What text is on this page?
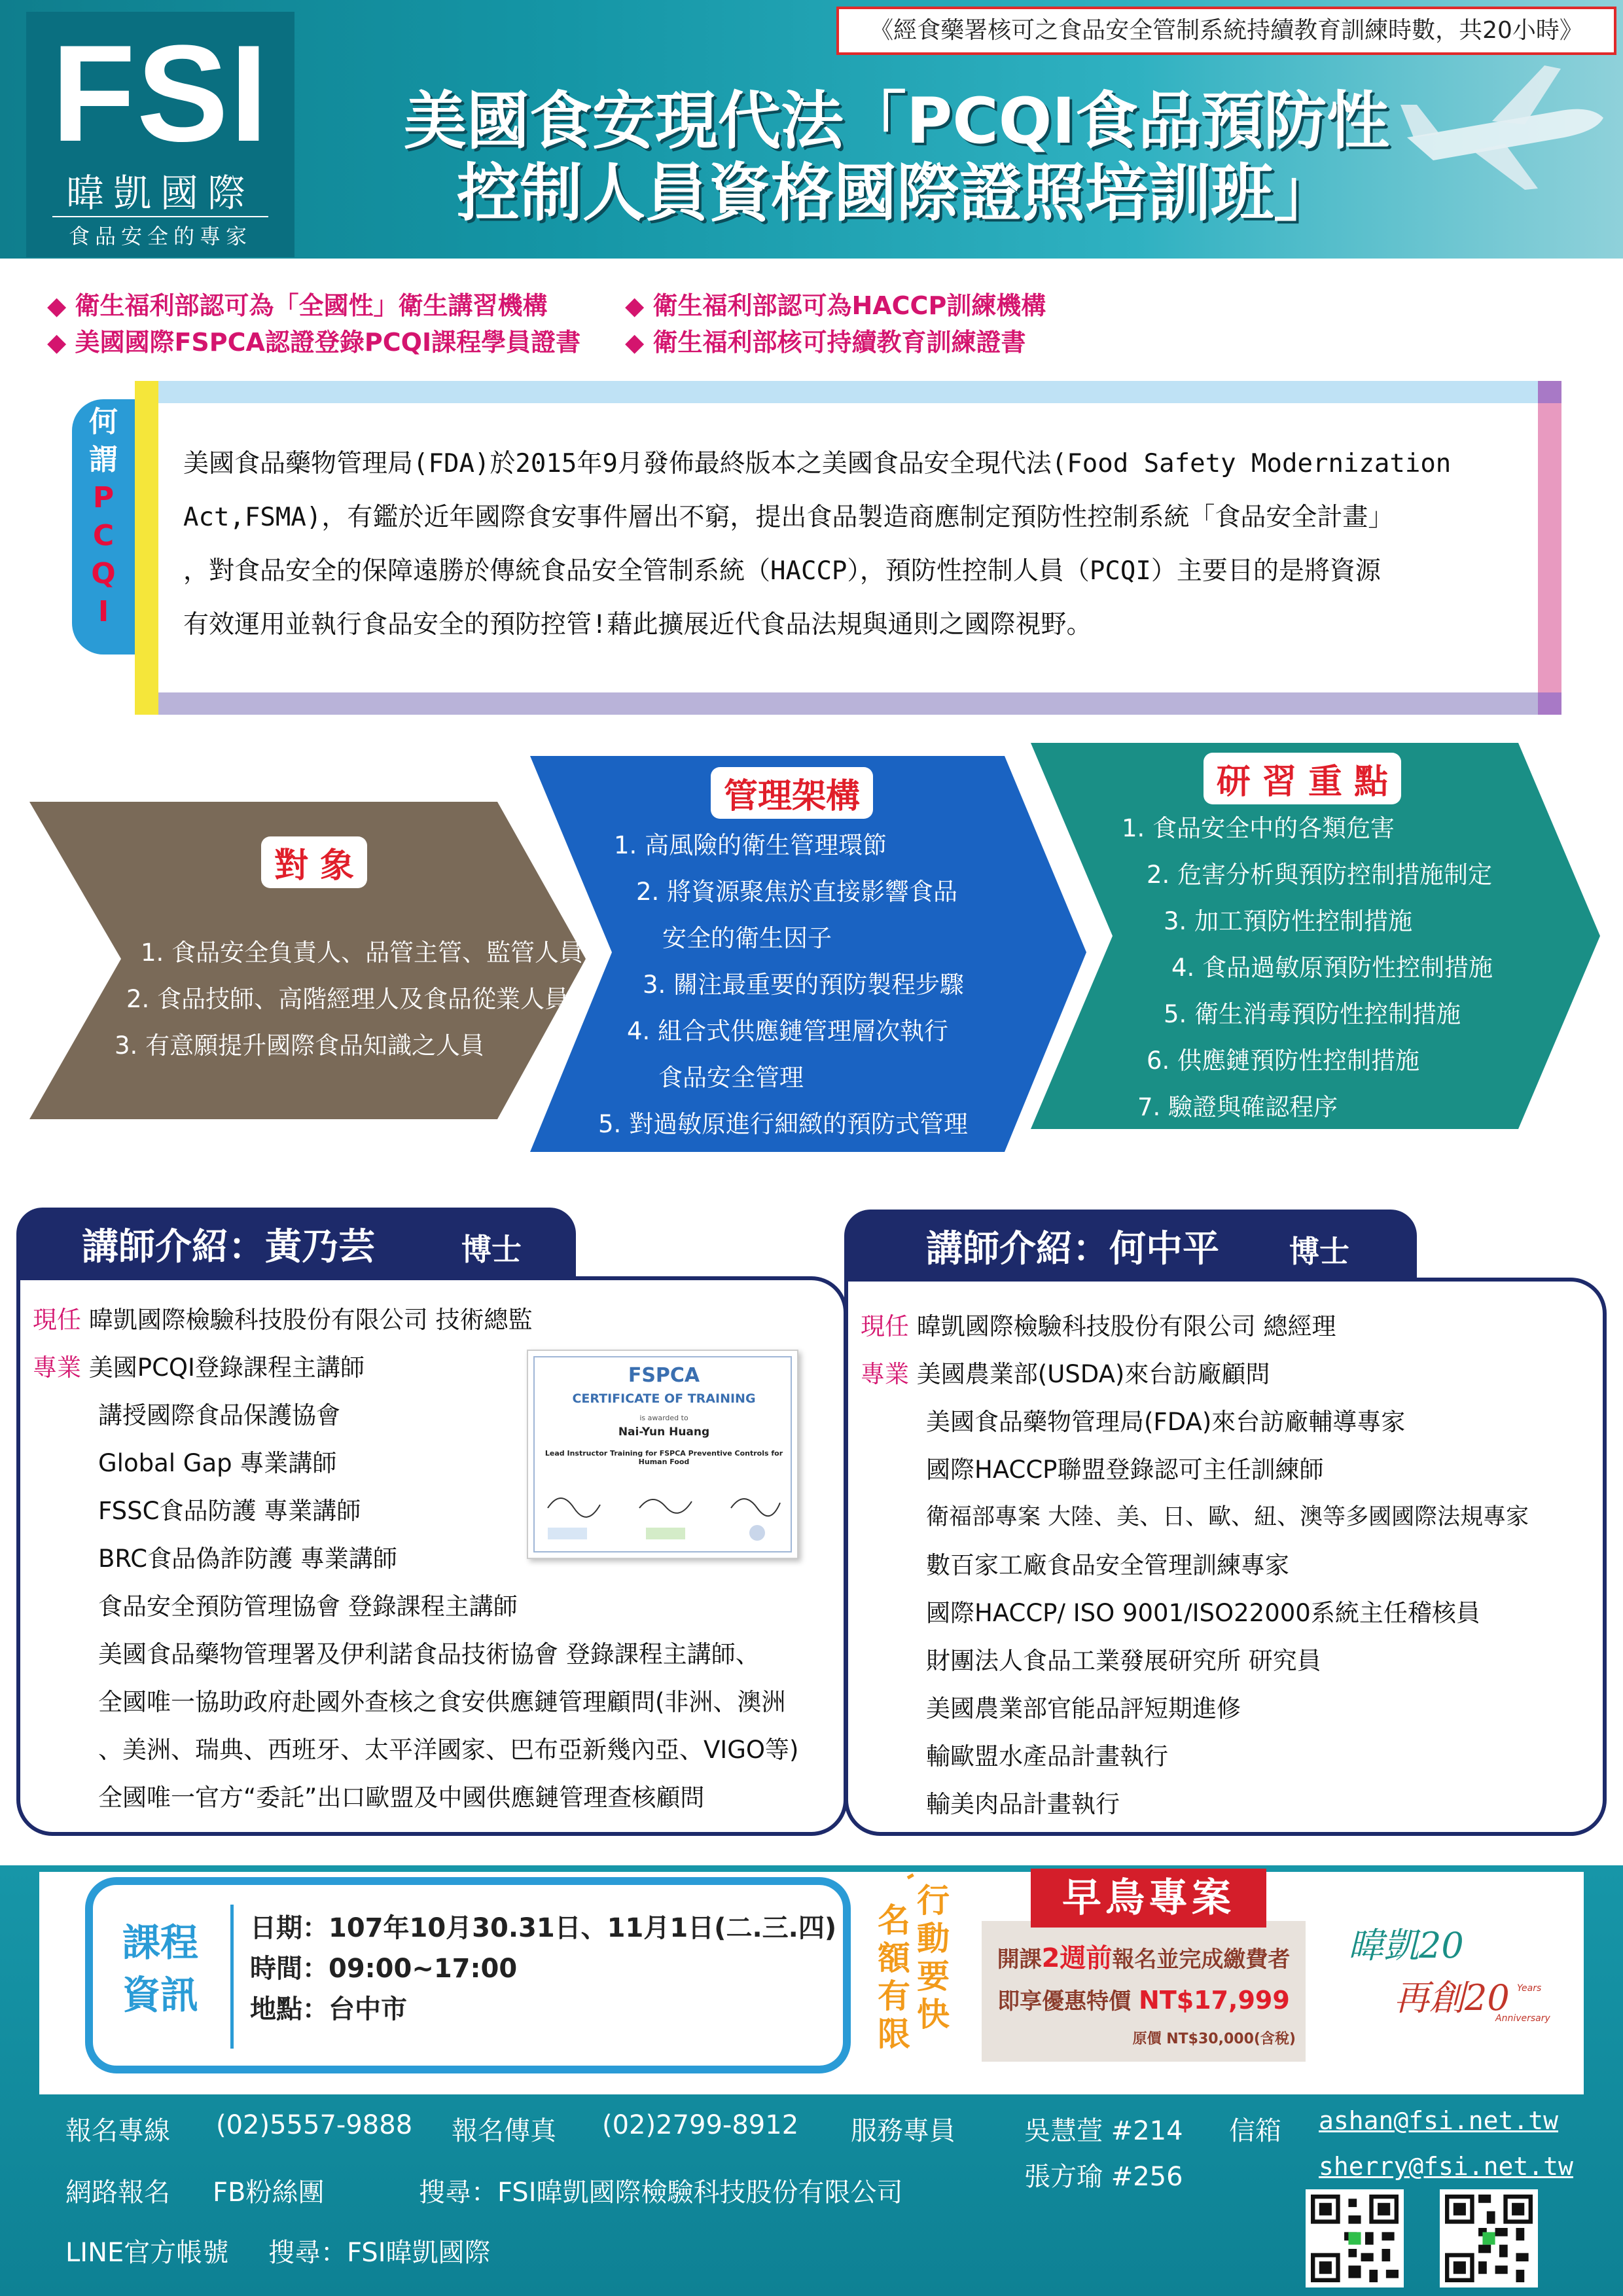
FSI
暐凱國際
食品安全的專家
《經食藥署核可之食品安全管制系統持續教育訓練時數，共20小時》
美國食安現代法「PCQI食品預防性
控制人員資格國際證照培訓班」
◆ 衛生福利部認可為「全國性」衛生講習機構	◆ 衛生福利部認可為HACCP訓練機構
◆ 美國國際FSPCA認證登錄PCQI課程學員證書 ◆ 衛生福利部核可持續教育訓練證書
何
謂
P
C
Q
I
美國食品藥物管理局(FDA)於2015年9月發佈最終版本之美國食品安全現代法(Food Safety Modernization
Act,FSMA)，有鑑於近年國際食安事件層出不窮，提出食品製造商應制定預防性控制系統「食品安全計畫」
，對食品安全的保障遠勝於傳統食品安全管制系統（HACCP），預防性控制人員（PCQI）主要目的是將資源
有效運用並執行食品安全的預防控管!藉此擴展近代食品法規與通則之國際視野。
對 象
1. 食品安全負責人、品管主管、監管人員
2. 食品技師、高階經理人及食品從業人員
3. 有意願提升國際食品知識之人員
管理架構
1. 高風險的衛生管理環節
2. 將資源聚焦於直接影響食品
安全的衛生因子
3. 關注最重要的預防製程步驟
4. 組合式供應鏈管理層次執行
食品安全管理
5. 對過敏原進行細緻的預防式管理
研 習 重 點
1. 食品安全中的各類危害
2. 危害分析與預防控制措施制定
3. 加工預防性控制措施
4. 食品過敏原預防性控制措施
5. 衛生消毒預防性控制措施
6. 供應鏈預防性控制措施
7. 驗證與確認程序
8. 產品回收計畫
講師介紹：黃乃芸	博士
現任 暐凱國際檢驗科技股份有限公司 技術總監
專業 美國PCQI登錄課程主講師
講授國際食品保護協會
Global Gap 專業講師
FSSC食品防護 專業講師
BRC食品偽詐防護 專業講師
食品安全預防管理協會 登錄課程主講師
美國食品藥物管理署及伊利諾食品技術協會 登錄課程主講師、
全國唯一協助政府赴國外查核之食安供應鏈管理顧問(非洲、澳洲
、美洲、瑞典、西班牙、太平洋國家、巴布亞新幾內亞、VIGO等)
全國唯一官方“委託”出口歐盟及中國供應鏈管理查核顧問
FSPCA
CERTIFICATE OF TRAINING
is awarded to
Nai-Yun Huang
Lead Instructor Training for FSPCA Preventive Controls for Human Food
講師介紹：何中平 博士
現任 暐凱國際檢驗科技股份有限公司 總經理
專業 美國農業部(USDA)來台訪廠顧問
美國食品藥物管理局(FDA)來台訪廠輔導專家
國際HACCP聯盟登錄認可主任訓練師
衛福部專案 大陸、美、日、歐、紐、澳等多國國際法規專家
數百家工廠食品安全管理訓練專家
國際HACCP/ ISO 9001/ISO22000系統主任稽核員
財團法人食品工業發展研究所 研究員
美國農業部官能品評短期進修
輸歐盟水產品計畫執行
輸美肉品計畫執行
課程
資訊
日期：107年10月30.31日、11月1日(二.三.四)
時間：09:00~17:00
地點：台中市
名額有限
行動要快
開課2週前報名並完成繳費者
即享優惠特價 NT$17,999
原價 NT$30,000(含稅)
早鳥專案
暐凱20
再創20 Years
Anniversary
報名專線 (02)5557-9888 報名傳真 (02)2799-8912 服務專員	吳慧萱 #214
張方瑜 #256
信箱 ashan@fsi.net.tw
sherry@fsi.net.tw
網路報名 FB粉絲團	搜尋：FSI暐凱國際檢驗科技股份有限公司
LINE官方帳號 搜尋：FSI暐凱國際
